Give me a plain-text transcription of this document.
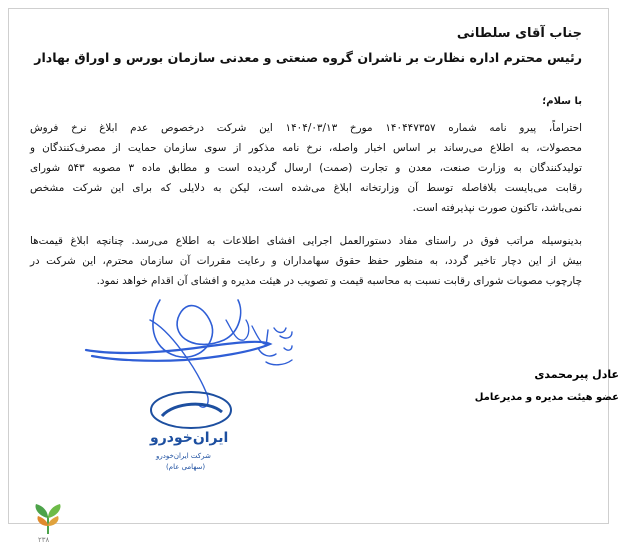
جناب آقای سلطانی
رئیس محترم اداره نظارت بر ناشران گروه صنعتی و معدنی سازمان بورس و اوراق بهادار
با سلام؛
احتراماً، پیرو نامه شماره ۱۴۰۴۴۷۳۵۷ مورخ ۱۴۰۴/۰۳/۱۳ این شرکت درخصوص عدم ابلاغ نرخ فروش
محصولات، به اطلاع می‌رساند بر اساس اخبار واصله، نرخ نامه مذکور از سوی سازمان حمایت از مصرف‌کنندگان و
تولیدکنندگان به وزارت صنعت، معدن و تجارت (صمت) ارسال گردیده است و مطابق ماده ۳ مصوبه ۵۴۳ شورای
رقابت می‌بایست بلافاصله توسط آن وزارتخانه ابلاغ می‌شده است، لیکن به دلایلی که برای این شرکت مشخص
نمی‌باشد، تاکنون صورت نپذیرفته است.
بدینوسیله مراتب فوق در راستای مفاد دستورالعمل اجرایی افشای اطلاعات به اطلاع می‌رسد. چنانچه ابلاغ قیمت‌ها
بیش از این دچار تاخیر گردد، به منظور حفظ حقوق سهامداران و رعایت مقررات آن سازمان محترم، این شرکت در
چارچوب مصوبات شورای رقابت نسبت به محاسبه قیمت و تصویب در هیئت مدیره و افشای آن اقدام خواهد نمود.
عادل پیرمحمدی
عضو هیئت مدیره و مدیرعامل
ایران‌خودرو
شرکت ایران‌خودرو
(سهامی عام)
۲۳۸
